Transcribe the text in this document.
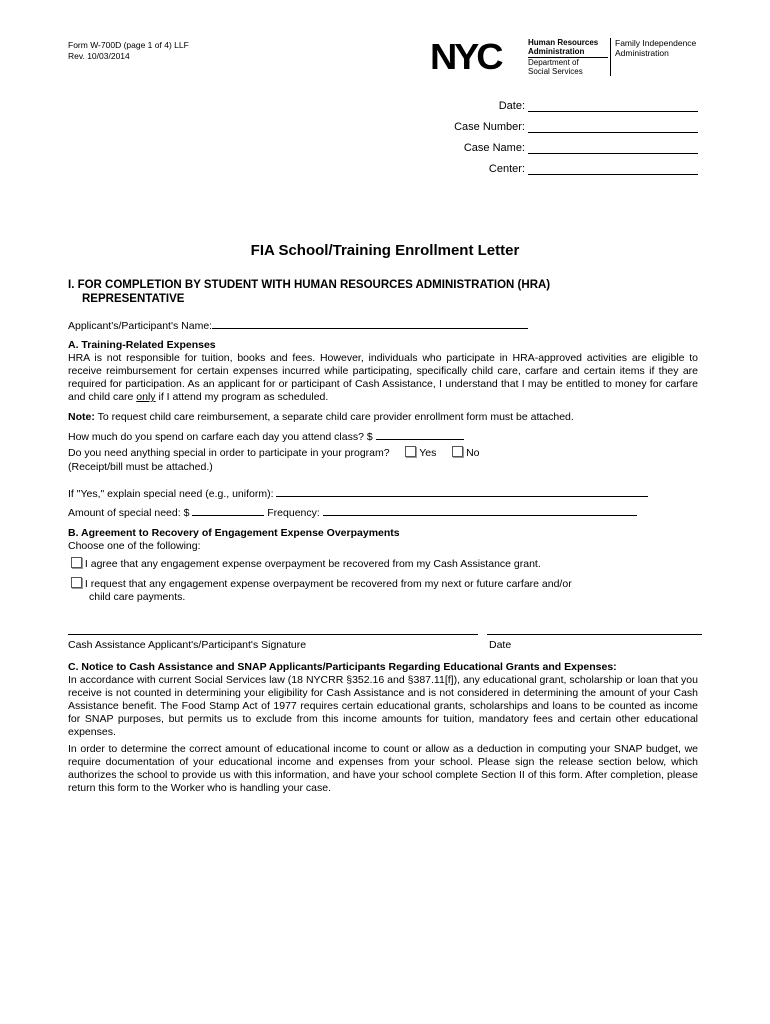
Form W-700D (page 1 of 4) LLF
Rev. 10/03/2014	NYC	Human Resources
Administration
Department of
Social Services
Family Independence
Administration
Date:
Case Number:
Case Name:
Center:
FIA School/Training Enrollment Letter
I. FOR COMPLETION BY STUDENT WITH HUMAN RESOURCES ADMINISTRATION (HRA)
REPRESENTATIVE
Applicant's/Participant's Name:
A. Training-Related Expenses
HRA is not responsible for tuition, books and fees. However, individuals who participate in HRA-approved activities are eligible to receive reimbursement for certain expenses incurred while participating, specifically child care, carfare and certain items if they are required for participation. As an applicant for or participant of Cash Assistance, I understand that I may be entitled to money for carfare and child care only if I attend my program as scheduled.
Note: To request child care reimbursement, a separate child care provider enrollment form must be attached.
How much do you spend on carfare each day you attend class? $
Do you need anything special in order to participate in your program?	Yes	No
(Receipt/bill must be attached.)
If "Yes," explain special need (e.g., uniform):
Amount of special need: $	Frequency:
B. Agreement to Recovery of Engagement Expense Overpayments
Choose one of the following:
I agree that any engagement expense overpayment be recovered from my Cash Assistance grant.
I request that any engagement expense overpayment be recovered from my next or future carfare and/or
child care payments.
Cash Assistance Applicant's/Participant's Signature	Date
C. Notice to Cash Assistance and SNAP Applicants/Participants Regarding Educational Grants and Expenses:
In accordance with current Social Services law (18 NYCRR §352.16 and §387.11[f]), any educational grant, scholarship or loan that you receive is not counted in determining your eligibility for Cash Assistance and is not considered in determining the amount of your Cash Assistance benefit. The Food Stamp Act of 1977 requires certain educational grants, scholarships and loans to be counted as income for SNAP purposes, but permits us to exclude from this income amounts for tuition, mandatory fees and certain other educational expenses.
In order to determine the correct amount of educational income to count or allow as a deduction in computing your SNAP budget, we require documentation of your educational income and expenses from your school. Please sign the release section below, which authorizes the school to provide us with this information, and have your school complete Section II of this form. After completion, please return this form to the Worker who is handling your case.
